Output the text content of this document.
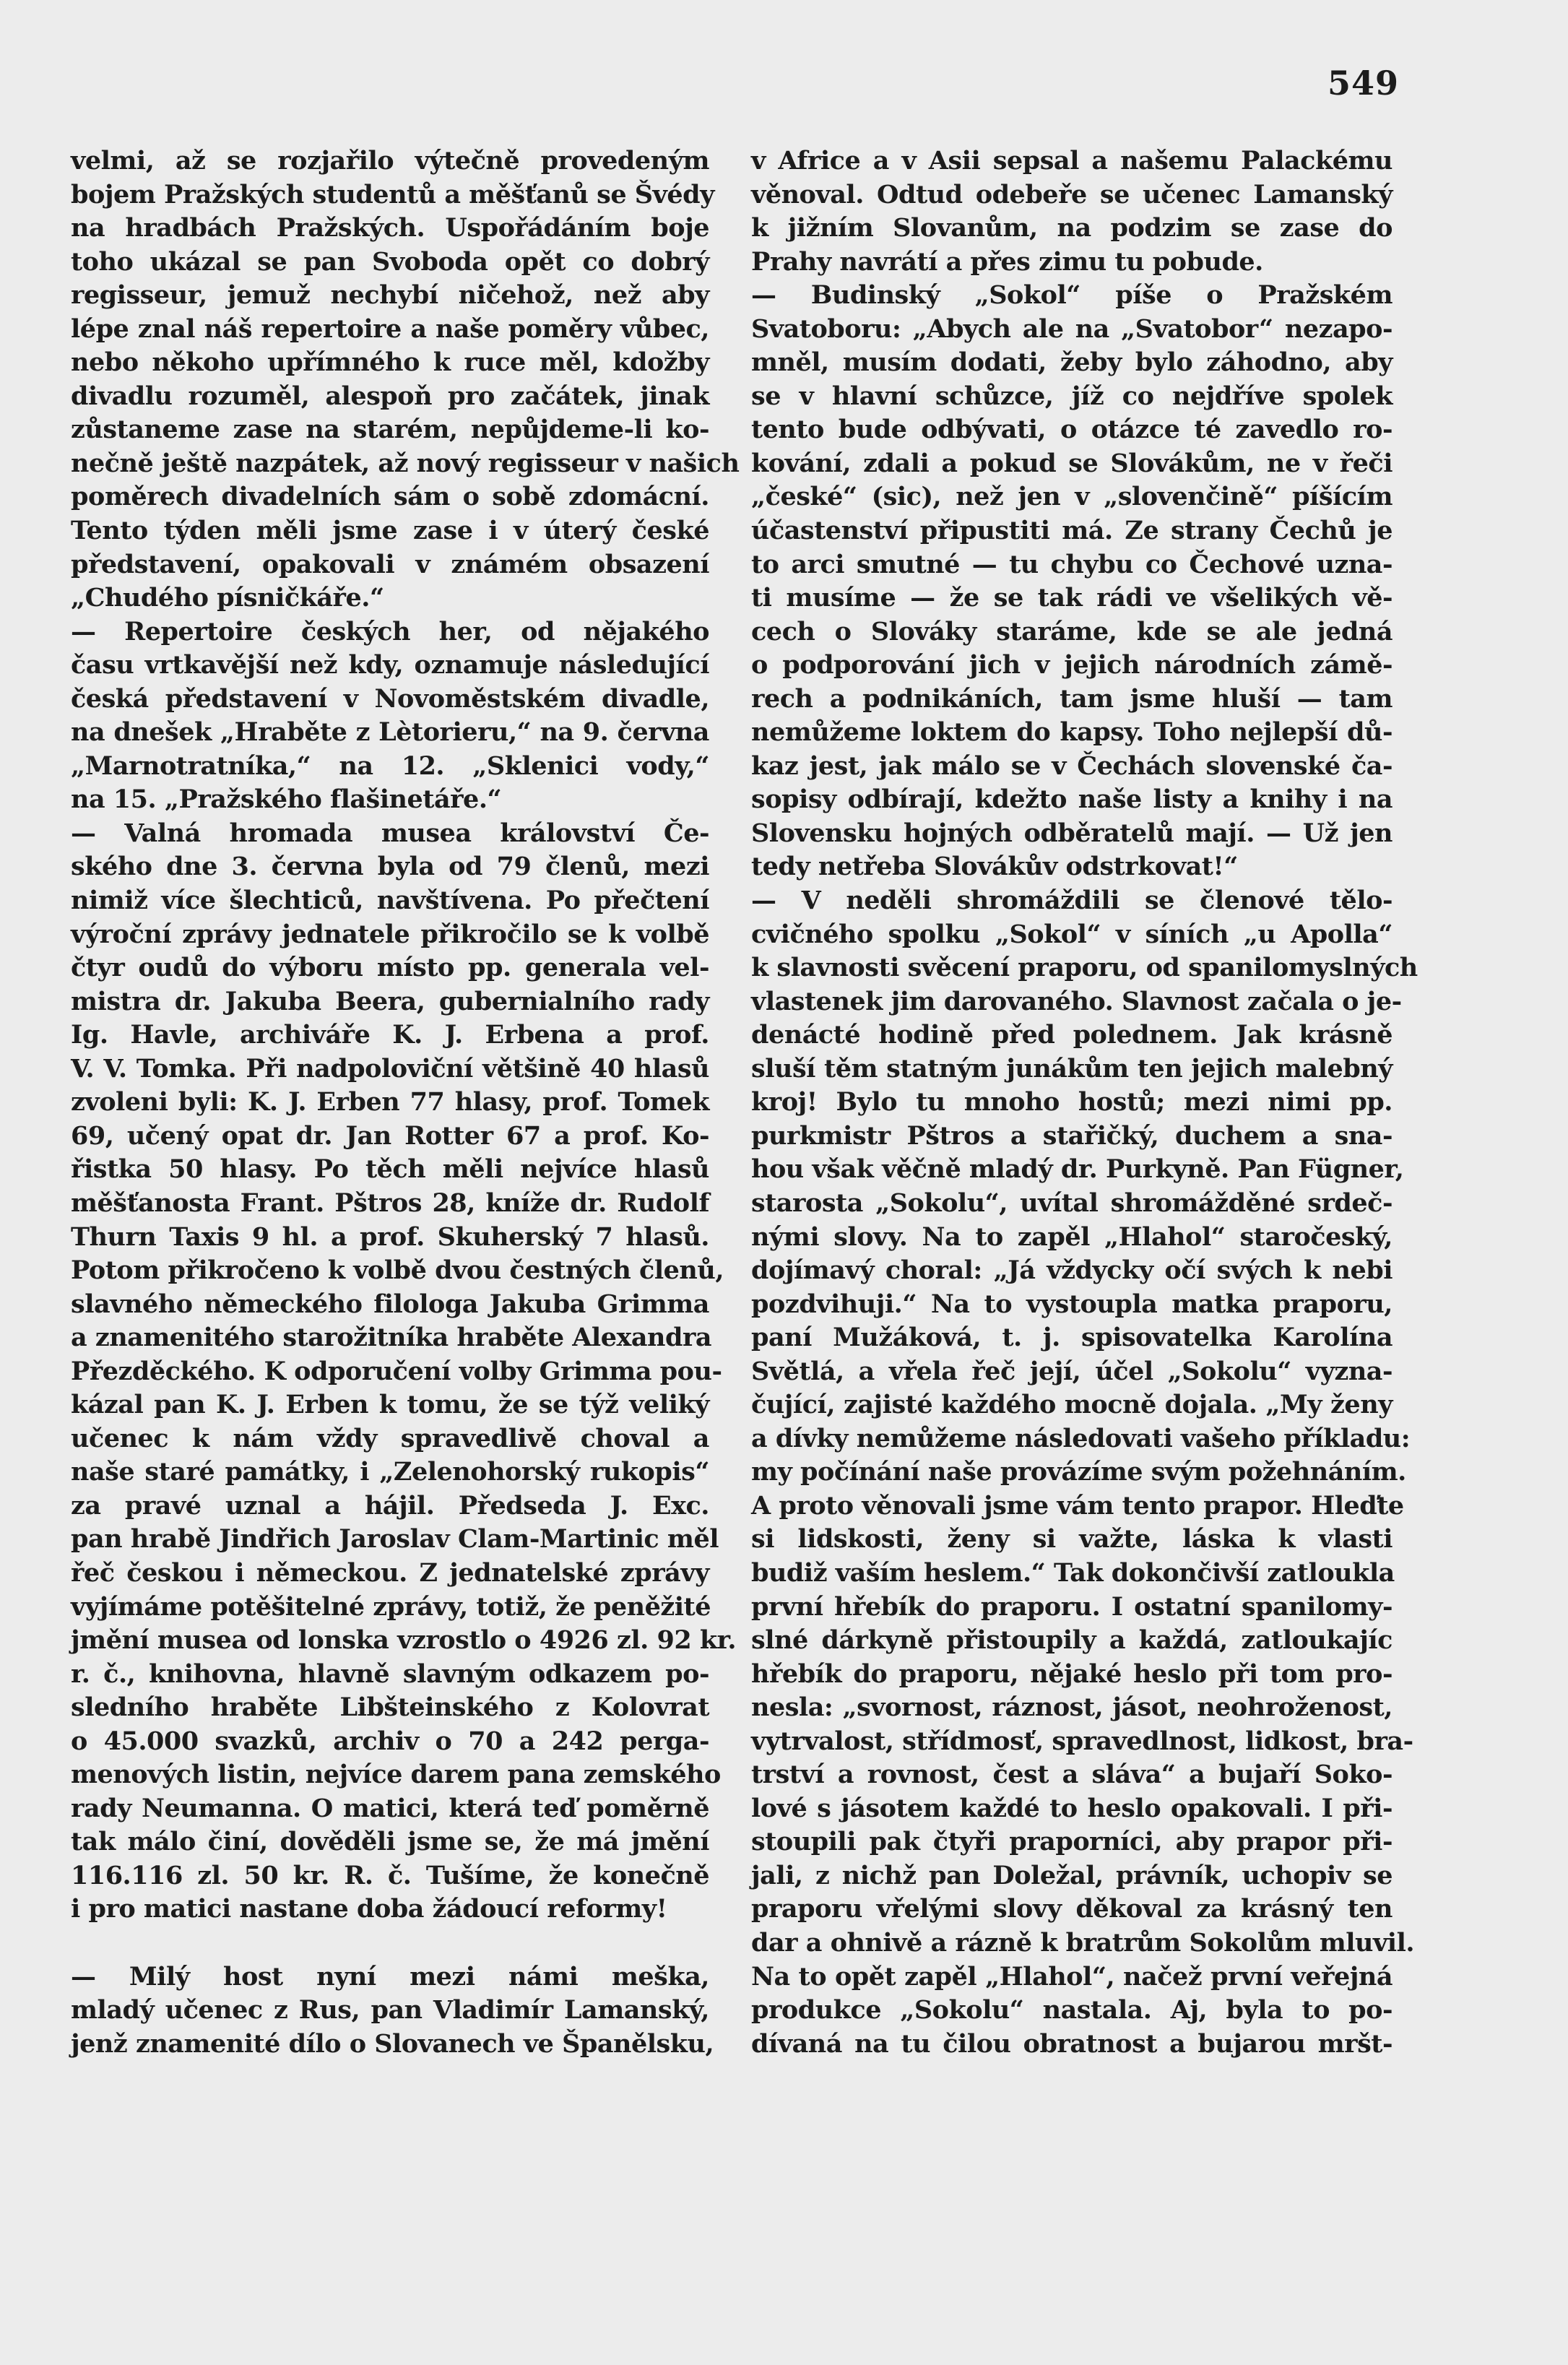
549
velmi, až se rozjařilo výtečně provedeným
bojem Pražských studentů a měšťanů se Švédy
na hradbách Pražských. Uspořádáním boje
toho ukázal se pan Svoboda opět co dobrý
regisseur, jemuž nechybí ničehož, než aby
lépe znal náš repertoire a naše poměry vůbec,
nebo někoho upřímného k ruce měl, kdožby
divadlu rozuměl, alespoň pro začátek, jinak
zůstaneme zase na starém, nepůjdeme-li ko-
nečně ještě nazpátek, až nový regisseur v našich
poměrech divadelních sám o sobě zdomácní.
Tento týden měli jsme zase i v úterý české
představení, opakovali v známém obsazení
„Chudého písničkáře.“
— Repertoire českých her, od nějakého
času vrtkavější než kdy, oznamuje následující
česká představení v Novoměstském divadle,
na dnešek „Hraběte z Lètorieru,“ na 9. června
„Marnotratníka,“ na 12. „Sklenici vody,“
na 15. „Pražského flašinetáře.“
— Valná hromada musea království Če-
ského dne 3. června byla od 79 členů, mezi
nimiž více šlechticů, navštívena. Po přečtení
výroční zprávy jednatele přikročilo se k volbě
čtyr oudů do výboru místo pp. generala vel-
mistra dr. Jakuba Beera, gubernialního rady
Ig. Havle, archiváře K. J. Erbena a prof.
V. V. Tomka. Při nadpoloviční většině 40 hlasů
zvoleni byli: K. J. Erben 77 hlasy, prof. Tomek
69, učený opat dr. Jan Rotter 67 a prof. Ko-
řistka 50 hlasy. Po těch měli nejvíce hlasů
měšťanosta Frant. Pštros 28, kníže dr. Rudolf
Thurn Taxis 9 hl. a prof. Skuherský 7 hlasů.
Potom přikročeno k volbě dvou čestných členů,
slavného německého filologa Jakuba Grimma
a znamenitého starožitníka hraběte Alexandra
Přezděckého. K odporučení volby Grimma pou-
kázal pan K. J. Erben k tomu, že se týž veliký
učenec k nám vždy spravedlivě choval a
naše staré památky, i „Zelenohorský rukopis“
za pravé uznal a hájil. Předseda J. Exc.
pan hrabě Jindřich Jaroslav Clam-Martinic měl
řeč českou i německou. Z jednatelské zprávy
vyjímáme potěšitelné zprávy, totiž, že peněžité
jmění musea od lonska vzrostlo o 4926 zl. 92 kr.
r. č., knihovna, hlavně slavným odkazem po-
sledního hraběte Libšteinského z Kolovrat
o 45.000 svazků, archiv o 70 a 242 perga-
menových listin, nejvíce darem pana zemského
rady Neumanna. O matici, která teď poměrně
tak málo činí, dověděli jsme se, že má jmění
116.116 zl. 50 kr. R. č. Tušíme, že konečně
i pro matici nastane doba žádoucí reformy!
— Milý host nyní mezi námi meška,
mladý učenec z Rus, pan Vladimír Lamanský,
jenž znamenité dílo o Slovanech ve Španělsku,
v Africe a v Asii sepsal a našemu Palackému
věnoval. Odtud odebeře se učenec Lamanský
k jižním Slovanům, na podzim se zase do
Prahy navrátí a přes zimu tu pobude.
— Budinský „Sokol“ píše o Pražském
Svatoboru: „Abych ale na „Svatobor“ nezapo-
mněl, musím dodati, žeby bylo záhodno, aby
se v hlavní schůzce, jíž co nejdříve spolek
tento bude odbývati, o otázce té zavedlo ro-
kování, zdali a pokud se Slovákům, ne v řeči
„české“ (sic), než jen v „slovenčině“ píšícím
účastenství připustiti má. Ze strany Čechů je
to arci smutné — tu chybu co Čechové uzna-
ti musíme — že se tak rádi ve všelikých vě-
cech o Slováky staráme, kde se ale jedná
o podporování jich v jejich národních zámě-
rech a podnikáních, tam jsme hluší — tam
nemůžeme loktem do kapsy. Toho nejlepší dů-
kaz jest, jak málo se v Čechách slovenské ča-
sopisy odbírají, kdežto naše listy a knihy i na
Slovensku hojných odběratelů mají. — Už jen
tedy netřeba Slovákův odstrkovat!“
— V neděli shromáždili se členové tělo-
cvičného spolku „Sokol“ v síních „u Apolla“
k slavnosti svěcení praporu, od spanilomyslných
vlastenek jim darovaného. Slavnost začala o je-
denácté hodině před polednem. Jak krásně
sluší těm statným junákům ten jejich malebný
kroj! Bylo tu mnoho hostů; mezi nimi pp.
purkmistr Pštros a stařičký, duchem a sna-
hou však věčně mladý dr. Purkyně. Pan Fügner,
starosta „Sokolu“, uvítal shromážděné srdeč-
nými slovy. Na to zapěl „Hlahol“ staročeský,
dojímavý choral: „Já vždycky očí svých k nebi
pozdvihuji.“ Na to vystoupla matka praporu,
paní Mužáková, t. j. spisovatelka Karolína
Světlá, a vřela řeč její, účel „Sokolu“ vyzna-
čující, zajisté každého mocně dojala. „My ženy
a dívky nemůžeme následovati vašeho příkladu:
my počínání naše provázíme svým požehnáním.
A proto věnovali jsme vám tento prapor. Hleďte
si lidskosti, ženy si važte, láska k vlasti
budiž vaším heslem.“ Tak dokončivší zatloukla
první hřebík do praporu. I ostatní spanilomy-
slné dárkyně přistoupily a každá, zatloukajíc
hřebík do praporu, nějaké heslo při tom pro-
nesla: „svornost, ráznost, jásot, neohroženost,
vytrvalost, střídmosť, spravedlnost, lidkost, bra-
trství a rovnost, čest a sláva“ a bujaří Soko-
lové s jásotem každé to heslo opakovali. I při-
stoupili pak čtyři praporníci, aby prapor při-
jali, z nichž pan Doležal, právník, uchopiv se
praporu vřelými slovy děkoval za krásný ten
dar a ohnivě a rázně k bratrům Sokolům mluvil.
Na to opět zapěl „Hlahol“, načež první veřejná
produkce „Sokolu“ nastala. Aj, byla to po-
dívaná na tu čilou obratnost a bujarou mršt-
